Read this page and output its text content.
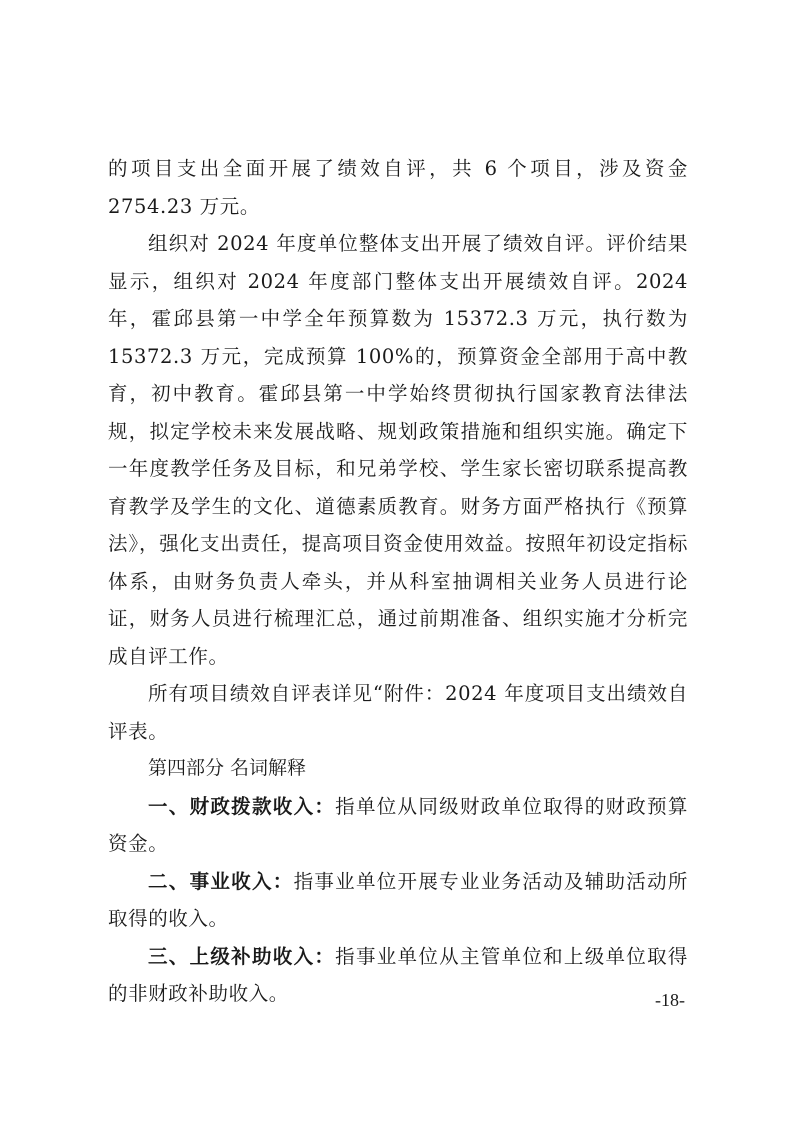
的项目支出全面开展了绩效自评，共 6 个项目，涉及资金 2754.23 万元。

组织对 2024 年度单位整体支出开展了绩效自评。评价结果显示，组织对 2024 年度部门整体支出开展绩效自评。2024 年，霍邱县第一中学全年预算数为 15372.3 万元，执行数为 15372.3 万元，完成预算 100%的，预算资金全部用于高中教育，初中教育。霍邱县第一中学始终贯彻执行国家教育法律法规，拟定学校未来发展战略、规划政策措施和组织实施。确定下一年度教学任务及目标，和兄弟学校、学生家长密切联系提高教育教学及学生的文化、道德素质教育。财务方面严格执行《预算法》，强化支出责任，提高项目资金使用效益。按照年初设定指标体系，由财务负责人牵头，并从科室抽调相关业务人员进行论证，财务人员进行梳理汇总，通过前期准备、组织实施才分析完成自评工作。

所有项目绩效自评表详见“附件：2024 年度项目支出绩效自评表。

第四部分 名词解释

一、财政拨款收入：指单位从同级财政单位取得的财政预算资金。

二、事业收入：指事业单位开展专业业务活动及辅助活动所取得的收入。

三、上级补助收入：指事业单位从主管单位和上级单位取得的非财政补助收入。	-18-
